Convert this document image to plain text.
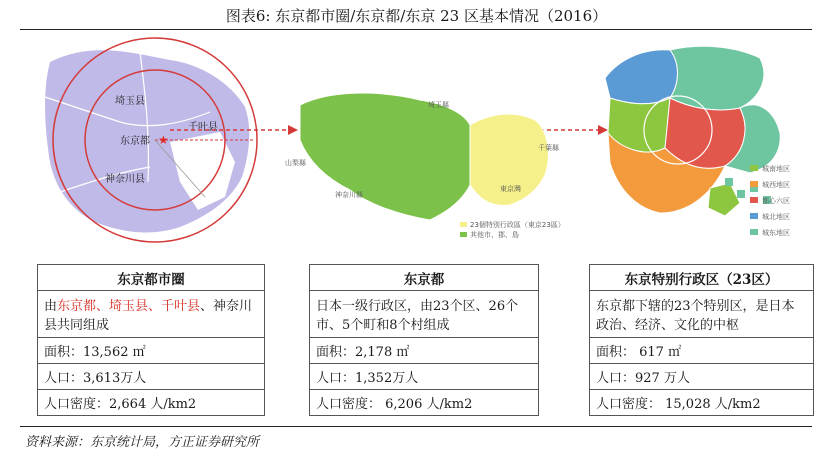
图表6: 东京都市圈/东京都/东京 23 区基本情况（2016）
★
埼玉县
千叶县
东京都
神奈川县
埼玉縣
山梨縣
神奈川縣
千葉縣
東京灣
23個特別行政區（東京23區）
其他市、郡、島
城南地区
城西地区
都心六区
城北地区
城东地区
东京都市圈
由东京都、埼玉县、千叶县、神奈川县共同组成
面积：13,562 ㎡
人口：3,613万人
人口密度：2,664 人/km2
东京都
日本一级行政区，由23个区、26个市、5个町和8个村组成
面积：2,178 ㎡
人口：1,352万人
人口密度： 6,206 人/km2
东京特别行政区（23区）
东京都下辖的23个特别区，是日本政治、经济、文化的中枢
面积： 617 ㎡
人口：927 万人
人口密度： 15,028 人/km2
资料来源：东京统计局，方正证券研究所
